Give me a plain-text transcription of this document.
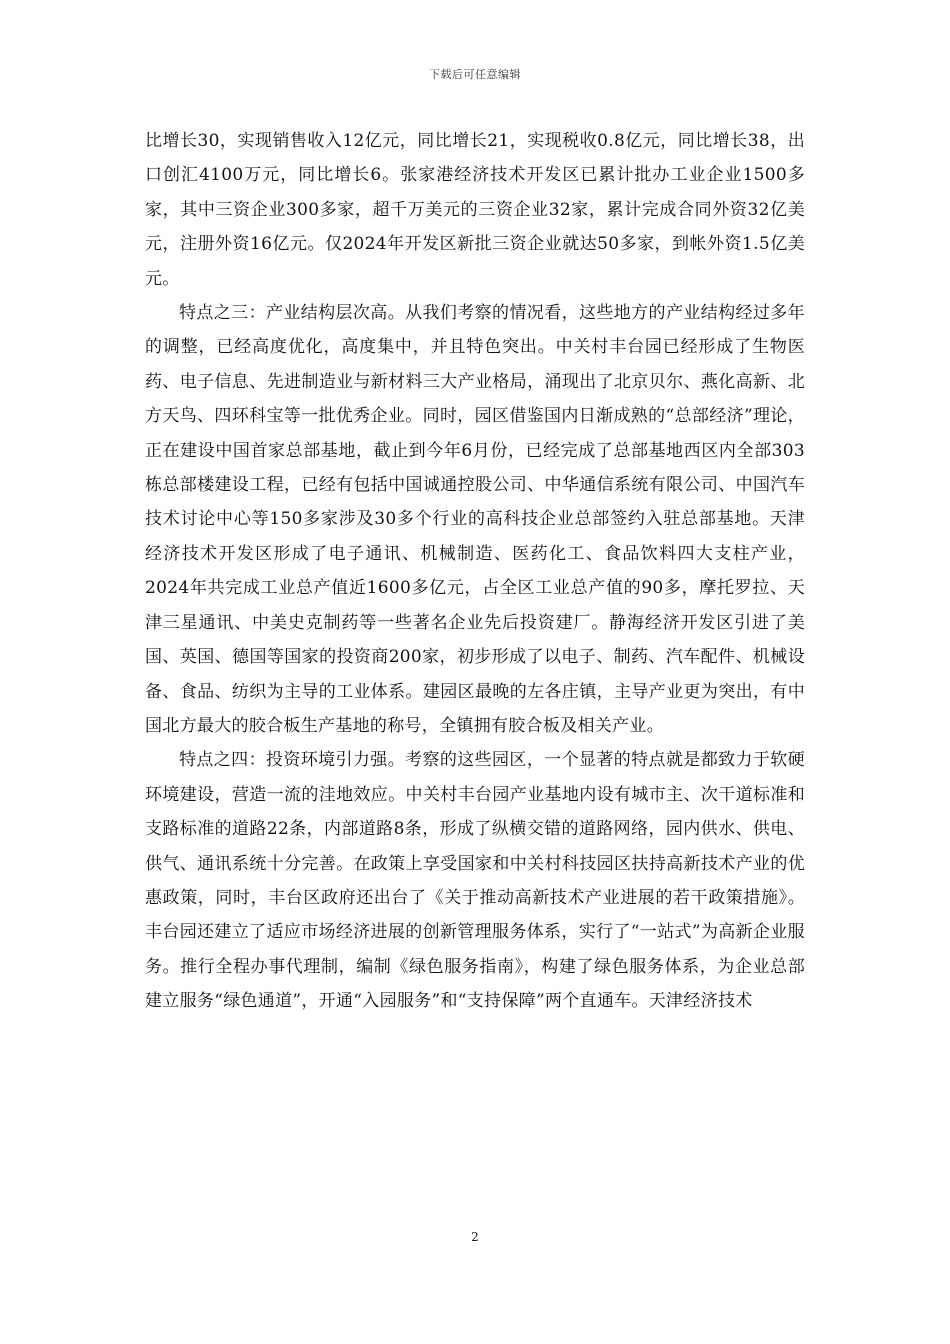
下载后可任意编辑

比增长30，实现销售收入12亿元，同比增长21，实现税收0.8亿元，同比增长38，出口创汇4100万元，同比增长6。张家港经济技术开发区已累计批办工业企业1500多家，其中三资企业300多家，超千万美元的三资企业32家，累计完成合同外资32亿美元，注册外资16亿元。仅2024年开发区新批三资企业就达50多家，到帐外资1.5亿美元。

特点之三：产业结构层次高。从我们考察的情况看，这些地方的产业结构经过多年的调整，已经高度优化，高度集中，并且特色突出。中关村丰台园已经形成了生物医药、电子信息、先进制造业与新材料三大产业格局，涌现出了北京贝尔、燕化高新、北方天鸟、四环科宝等一批优秀企业。同时，园区借鉴国内日渐成熟的“总部经济”理论，正在建设中国首家总部基地，截止到今年6月份，已经完成了总部基地西区内全部303栋总部楼建设工程，已经有包括中国诚通控股公司、中华通信系统有限公司、中国汽车技术讨论中心等150多家涉及30多个行业的高科技企业总部签约入驻总部基地。天津经济技术开发区形成了电子通讯、机械制造、医药化工、食品饮料四大支柱产业，2024年共完成工业总产值近1600多亿元，占全区工业总产值的90多，摩托罗拉、天津三星通讯、中美史克制药等一些著名企业先后投资建厂。静海经济开发区引进了美国、英国、德国等国家的投资商200家，初步形成了以电子、制药、汽车配件、机械设备、食品、纺织为主导的工业体系。建园区最晚的左各庄镇，主导产业更为突出，有中国北方最大的胶合板生产基地的称号，全镇拥有胶合板及相关产业。

特点之四：投资环境引力强。考察的这些园区，一个显著的特点就是都致力于软硬环境建设，营造一流的洼地效应。中关村丰台园产业基地内设有城市主、次干道标准和支路标准的道路22条，内部道路8条，形成了纵横交错的道路网络，园内供水、供电、供气、通讯系统十分完善。在政策上享受国家和中关村科技园区扶持高新技术产业的优惠政策，同时，丰台区政府还出台了《关于推动高新技术产业进展的若干政策措施》。丰台园还建立了适应市场经济进展的创新管理服务体系，实行了“一站式”为高新企业服务。推行全程办事代理制，编制《绿色服务指南》，构建了绿色服务体系，为企业总部建立服务“绿色通道”，开通“入园服务”和“支持保障”两个直通车。天津经济技术

2
